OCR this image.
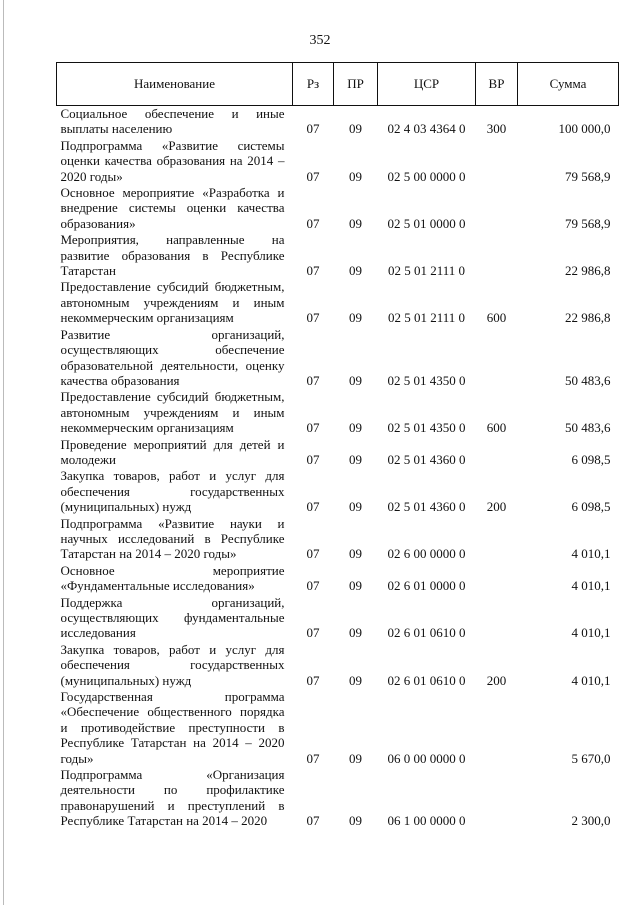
352
Наименование	Рз	ПР	ЦСР	ВР	Сумма
Социальное обеспечение и иные выплаты населению	07	09	02 4 03 4364 0	300	100 000,0
Подпрограмма «Развитие системы оценки качества образования на 2014 – 2020 годы»	07	09	02 5 00 0000 0		79 568,9
Основное мероприятие «Разработка и внедрение системы оценки качества образования»	07	09	02 5 01 0000 0		79 568,9
Мероприятия, направленные на развитие образования в Республике Татарстан	07	09	02 5 01 2111 0		22 986,8
Предоставление субсидий бюджетным, автономным учреждениям и иным некоммерческим организациям	07	09	02 5 01 2111 0	600	22 986,8
Развитие организаций, осуществляющих обеспечение образовательной деятельности, оценку качества образования	07	09	02 5 01 4350 0		50 483,6
Предоставление субсидий бюджетным, автономным учреждениям и иным некоммерческим организациям	07	09	02 5 01 4350 0	600	50 483,6
Проведение мероприятий для детей и молодежи	07	09	02 5 01 4360 0		6 098,5
Закупка товаров, работ и услуг для обеспечения государственных (муниципальных) нужд	07	09	02 5 01 4360 0	200	6 098,5
Подпрограмма «Развитие науки и научных исследований в Республике Татарстан на 2014 – 2020 годы»	07	09	02 6 00 0000 0		4 010,1
Основное мероприятие «Фундаментальные исследования»	07	09	02 6 01 0000 0		4 010,1
Поддержка организаций, осуществляющих фундаментальные исследования	07	09	02 6 01 0610 0		4 010,1
Закупка товаров, работ и услуг для обеспечения государственных (муниципальных) нужд	07	09	02 6 01 0610 0	200	4 010,1
Государственная программа «Обеспечение общественного порядка и противодействие преступности в Республике Татарстан на 2014 – 2020 годы»	07	09	06 0 00 0000 0		5 670,0
Подпрограмма «Организация деятельности по профилактике правонарушений и преступлений в Республике Татарстан на 2014 – 2020	07	09	06 1 00 0000 0		2 300,0
